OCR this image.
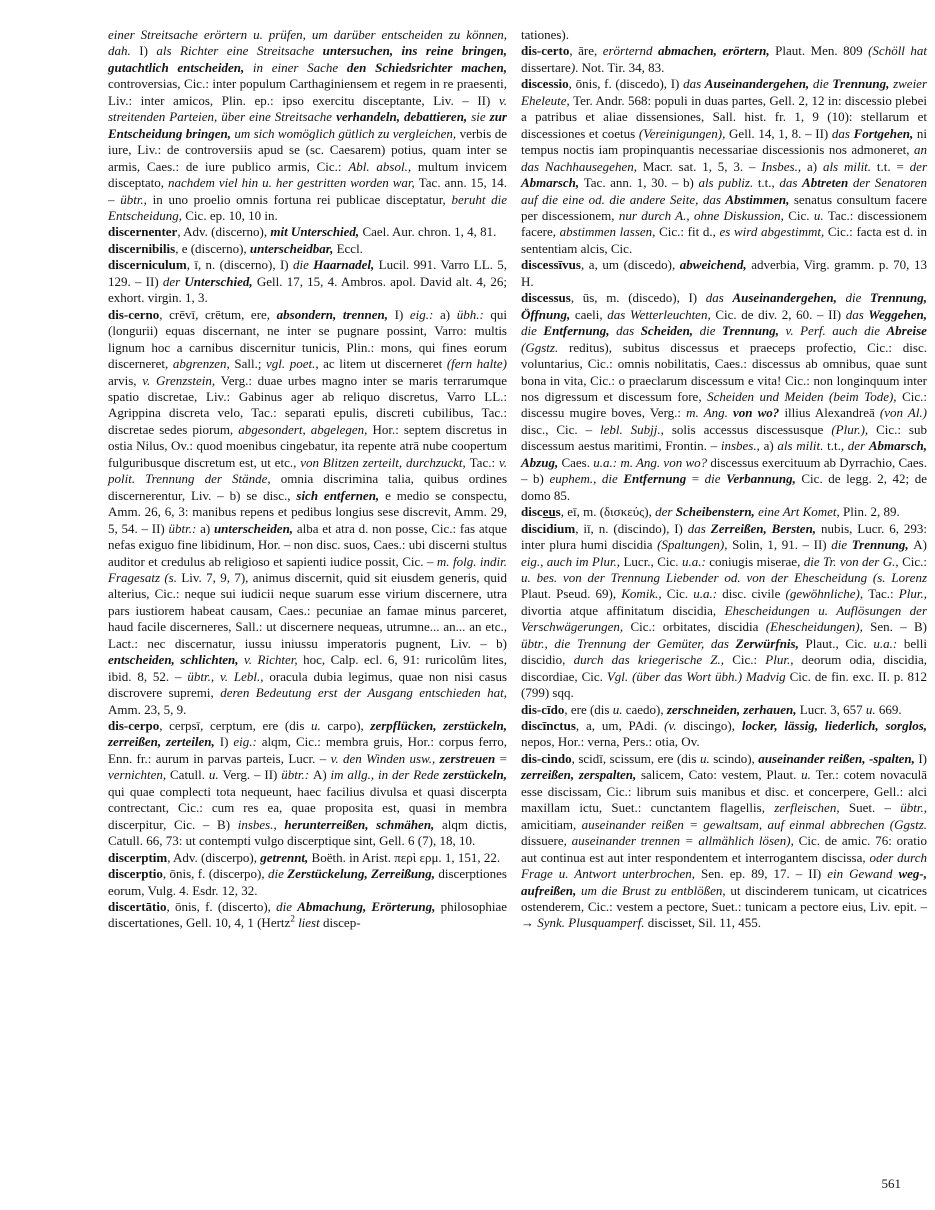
einer Streitsache erörtern u. prüfen, um darüber entscheiden zu können, dah. I) als Richter eine Streitsache untersuchen, ins reine bringen, gutachtlich entscheiden, in einer Sache den Schiedsrichter machen, controversias, Cic.: inter populum Carthaginiensem et regem in re praesenti, Liv.: inter amicos, Plin. ep.: ipso exercitu disceptante, Liv. – II) v. streitenden Parteien, über eine Streitsache verhandeln, debattieren, sie zur Entscheidung bringen, um sich womöglich gütlich zu vergleichen, verbis de iure, Liv.: de controversiis apud se (sc. Caesarem) potius, quam inter se armis, Caes.: de iure publico armis, Cic.: Abl. absol., multum invicem disceptato, nachdem viel hin u. her gestritten worden war, Tac. ann. 15, 14. – übtr., in uno proelio omnis fortuna rei publicae disceptatur, beruht die Entscheidung, Cic. ep. 10, 10 in.

discernenter, Adv. (discerno), mit Unterschied, Cael. Aur. chron. 1, 4, 81.

discernibilis, e (discerno), unterscheidbar, Eccl.

discerniculum, ī, n. (discerno), I) die Haarnadel, Lucil. 991. Varro LL. 5, 129. – II) der Unterschied, Gell. 17, 15, 4. Ambros. apol. David alt. 4, 26; exhort. virgin. 1, 3.

dis-cerno, crēvī, crētum, ere, absondern, trennen, I) eig.: a) übh.: qui (longurii) equas discernant, ne inter se pugnare possint, Varro: multis lignum hoc a carnibus discernitur tunicis, Plin.: mons, qui fines eorum discerneret, abgrenzen, Sall.; vgl. poet., ac litem ut discerneret (fern halte) arvis, v. Grenzstein, Verg.: duae urbes magno inter se maris terrarumque spatio discretae, Liv.: Gabinus ager ab reliquo discretus, Varro LL.: Agrippina discreta velo, Tac.: separati epulis, discreti cubilibus, Tac.: discretae sedes piorum, abgesondert, abgelegen, Hor.: septem discretus in ostia Nilus, Ov.: quod moenibus cingebatur, ita repente atrā nube coopertum fulguribusque discretum est, ut etc., von Blitzen zerteilt, durchzuckt, Tac.: v. polit. Trennung der Stände, omnia discrimina talia, quibus ordines discernerentur, Liv. – b) se disc., sich entfernen, e medio se conspectu, Amm. 26, 6, 3: manibus repens et pedibus longius sese discrevit, Amm. 29, 5, 54. – II) übtr.: a) unterscheiden, alba et atra d. non posse, Cic.: fas atque nefas exiguo fine libidinum, Hor. – non disc. suos, Caes.: ubi discerni stultus auditor et credulus ab religioso et sapienti iudice possit, Cic. – m. folg. indir. Fragesatz (s. Liv. 7, 9, 7), animus discernit, quid sit eiusdem generis, quid alterius, Cic.: neque sui iudicii neque suarum esse virium discernere, utra pars iustiorem habeat causam, Caes.: pecuniae an famae minus parceret, haud facile discerneres, Sall.: ut discernere nequeas, utrumne... an... an etc., Lact.: nec discernatur, iussu iniussu imperatoris pugnent, Liv. – b) entscheiden, schlichten, v. Richter, hoc, Calp. ecl. 6, 91: ruricolûm lites, ibid. 8, 52. – übtr., v. Lebl., oracula dubia legimus, quae non nisi casus discrovere supremi, deren Bedeutung erst der Ausgang entschieden hat, Amm. 23, 5, 9.

dis-cerpo, cerpsī, cerptum, ere (dis u. carpo), zerpflücken, zerstückeln, zerreißen, zerteilen, I) eig.: alqm, Cic.: membra gruis, Hor.: corpus ferro, Enn. fr.: aurum in parvas parteis, Lucr. – v. den Winden usw., zerstreuen = vernichten, Catull. u. Verg. – II) übtr.: A) im allg., in der Rede zerstückeln, qui quae complecti tota nequeunt, haec facilius divulsa et quasi discerpta contrectant, Cic.: cum res ea, quae proposita est, quasi in membra discerpitur, Cic. – B) insbes., herunterreißen, schmähen, alqm dictis, Catull. 66, 73: ut contempti vulgo discerptique sint, Gell. 6 (7), 18, 10.

discerptim, Adv. (discerpo), getrennt, Boëth. in Arist. περὶ ερμ. 1, 151, 22.

discerptio, ōnis, f. (discerpo), die Zerstückelung, Zerreißung, discerptiones eorum, Vulg. 4. Esdr. 12, 32.

discertātio, ōnis, f. (discerto), die Abmachung, Erörterung, philosophiae discertationes, Gell. 10, 4, 1 (Hertz$^2$ liest discep-

tationes).

dis-certo, āre, erörternd abmachen, erörtern, Plaut. Men. 809 (Schöll hat dissertare). Not. Tir. 34, 83.

discessio, ōnis, f. (discedo), I) das Auseinandergehen, die Trennung, zweier Eheleute, Ter. Andr. 568: populi in duas partes, Gell. 2, 12 in: discessio plebei a patribus et aliae dissensiones, Sall. hist. fr. 1, 9 (10): stellarum et discessiones et coetus (Vereinigungen), Gell. 14, 1, 8. – II) das Fortgehen, ni tempus noctis iam propinquantis necessariae discessionis nos admoneret, an das Nachhausegehen, Macr. sat. 1, 5, 3. – Insbes., a) als milit. t.t. = der Abmarsch, Tac. ann. 1, 30. – b) als publiz. t.t., das Abtreten der Senatoren auf die eine od. die andere Seite, das Abstimmen, senatus consultum facere per discessionem, nur durch A., ohne Diskussion, Cic. u. Tac.: discessionem facere, abstimmen lassen, Cic.: fit d., es wird abgestimmt, Cic.: facta est d. in sententiam alcis, Cic.

discessīvus, a, um (discedo), abweichend, adverbia, Virg. gramm. p. 70, 13 H.

discessus, ūs, m. (discedo), I) das Auseinandergehen, die Trennung, Öffnung, caeli, das Wetterleuchten, Cic. de div. 2, 60. – II) das Weggehen, die Entfernung, das Scheiden, die Trennung, v. Perf. auch die Abreise (Ggstz. reditus), subitus discessus et praeceps profectio, Cic.: disc. voluntarius, Cic.: omnis nobilitatis, Caes.: discessus ab omnibus, quae sunt bona in vita, Cic.: o praeclarum discessum e vita! Cic.: non longinquum inter nos digressum et discessum fore, Scheiden und Meiden (beim Tode), Cic.: discessu mugire boves, Verg.: m. Ang. von wo? illius Alexandreā (von Al.) disc., Cic. – lebl. Subjj., solis accessus discessusque (Plur.), Cic.: sub discessum aestus maritimi, Frontin. – insbes., a) als milit. t.t., der Abmarsch, Abzug, Caes. u.a.: m. Ang. von wo? discessus exercituum ab Dyrrachio, Caes. – b) euphem., die Entfernung = die Verbannung, Cic. de legg. 2, 42; de domo 85.

disceus, eī, m. (δισκεύς), der Scheibenstern, eine Art Komet, Plin. 2, 89.

discidium, iī, n. (discindo), I) das Zerreißen, Bersten, nubis, Lucr. 6, 293: inter plura humi discidia (Spaltungen), Solin, 1, 91. – II) die Trennung, A) eig., auch im Plur., Lucr., Cic. u.a.: coniugis miserae, die Tr. von der G., Cic.: u. bes. von der Trennung Liebender od. von der Ehescheidung (s. Lorenz Plaut. Pseud. 69), Komik., Cic. u.a.: disc. civile (gewöhnliche), Tac.: Plur., divortia atque affinitatum discidia, Ehescheidungen u. Auflösungen der Verschwägerungen, Cic.: orbitates, discidia (Ehescheidungen), Sen. – B) übtr., die Trennung der Gemüter, das Zerwürfnis, Plaut., Cic. u.a.: belli discidio, durch das kriegerische Z., Cic.: Plur., deorum odia, discidia, discordiae, Cic. Vgl. (über das Wort übh.) Madvig Cic. de fin. exc. II. p. 812 (799) sqq.

dis-cīdo, ere (dis u. caedo), zerschneiden, zerhauen, Lucr. 3, 657 u. 669.

discīnctus, a, um, PAdi. (v. discingo), locker, lässig, liederlich, sorglos, nepos, Hor.: verna, Pers.: otia, Ov.

dis-cindo, scidī, scissum, ere (dis u. scindo), auseinander reißen, -spalten, I) zerreißen, zerspalten, salicem, Cato: vestem, Plaut. u. Ter.: cotem novaculā esse discissam, Cic.: librum suis manibus et disc. et concerpere, Gell.: alci maxillam ictu, Suet.: cunctantem flagellis, zerfleischen, Suet. – übtr., amicitiam, auseinander reißen = gewaltsam, auf einmal abbrechen (Ggstz. dissuere, auseinander trennen = allmählich lösen), Cic. de amic. 76: oratio aut continua est aut inter respondentem et interrogantem discissa, oder durch Frage u. Antwort unterbrochen, Sen. ep. 89, 17. – II) ein Gewand weg-, aufreißen, um die Brust zu entblößen, ut discinderem tunicam, ut cicatrices ostenderem, Cic.: vestem a pectore, Suet.: tunicam a pectore eius, Liv. epit. – → Synk. Plusquamperf. discisset, Sil. 11, 455.

561
